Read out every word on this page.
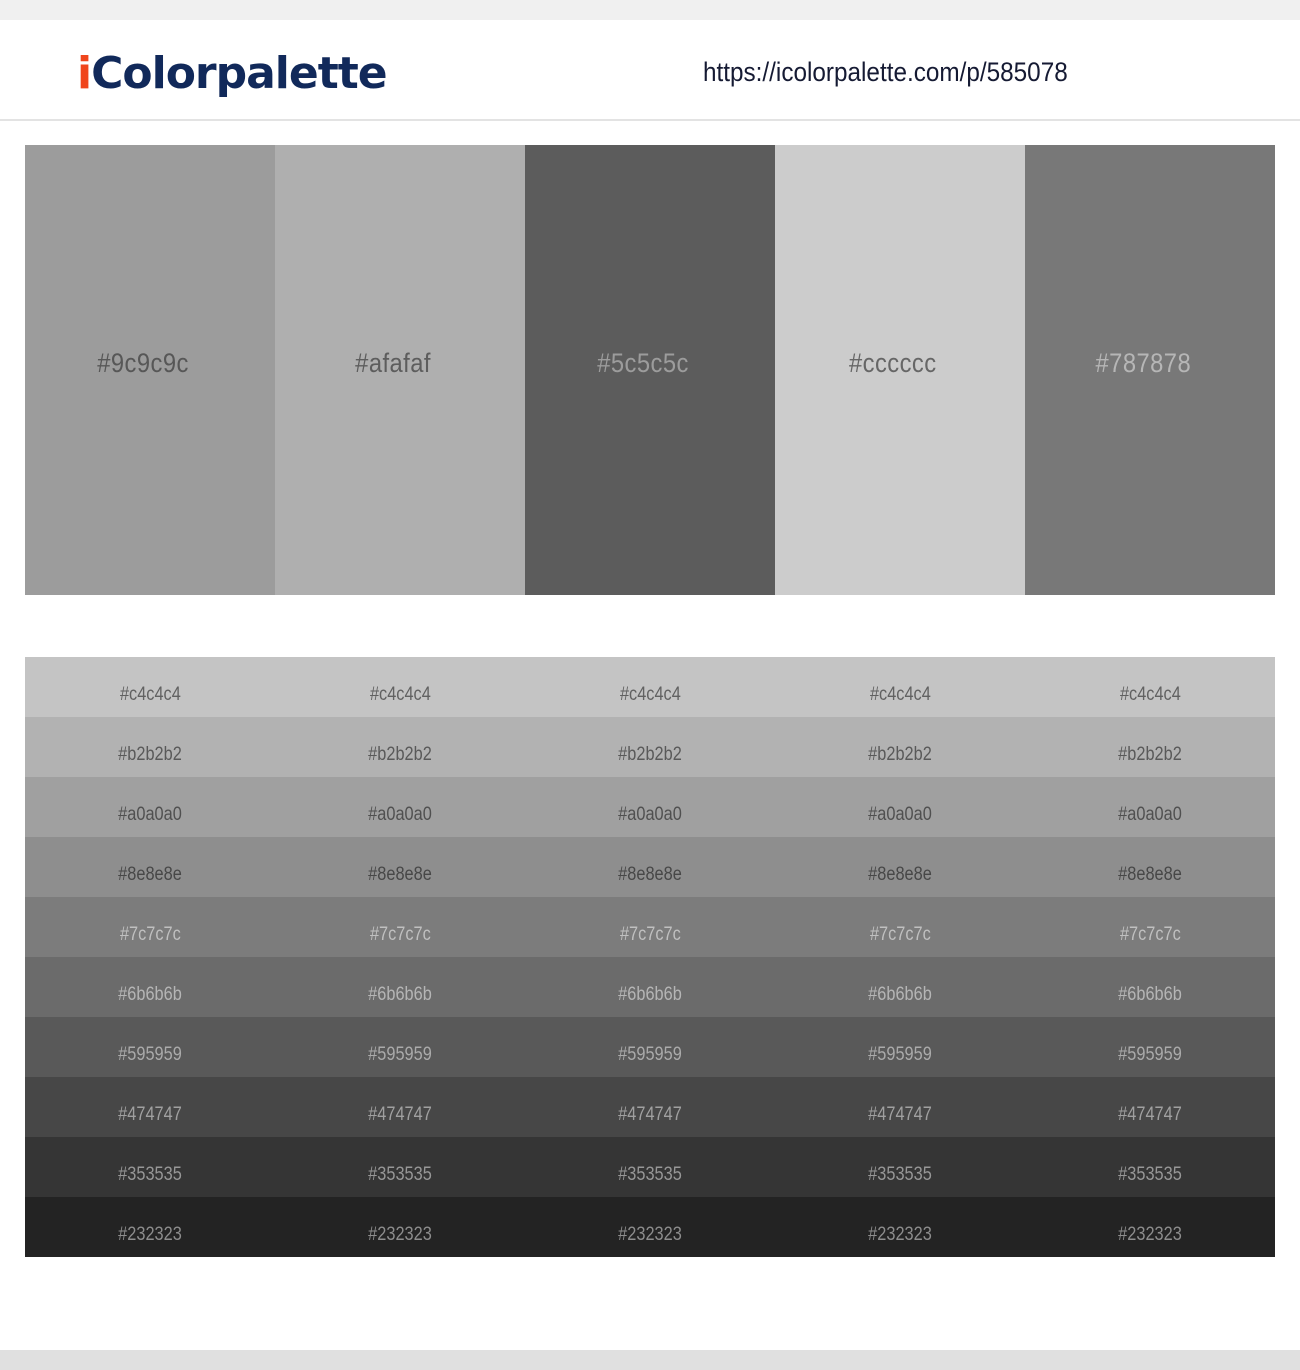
iColorpalette	https://icolorpalette.com/p/585078
#9c9c9c	#afafaf	#5c5c5c	#cccccc	#787878
#c4c4c4	#c4c4c4	#c4c4c4	#c4c4c4	#c4c4c4
#b2b2b2	#b2b2b2	#b2b2b2	#b2b2b2	#b2b2b2
#a0a0a0	#a0a0a0	#a0a0a0	#a0a0a0	#a0a0a0
#8e8e8e	#8e8e8e	#8e8e8e	#8e8e8e	#8e8e8e
#7c7c7c	#7c7c7c	#7c7c7c	#7c7c7c	#7c7c7c
#6b6b6b	#6b6b6b	#6b6b6b	#6b6b6b	#6b6b6b
#595959	#595959	#595959	#595959	#595959
#474747	#474747	#474747	#474747	#474747
#353535	#353535	#353535	#353535	#353535
#232323	#232323	#232323	#232323	#232323
